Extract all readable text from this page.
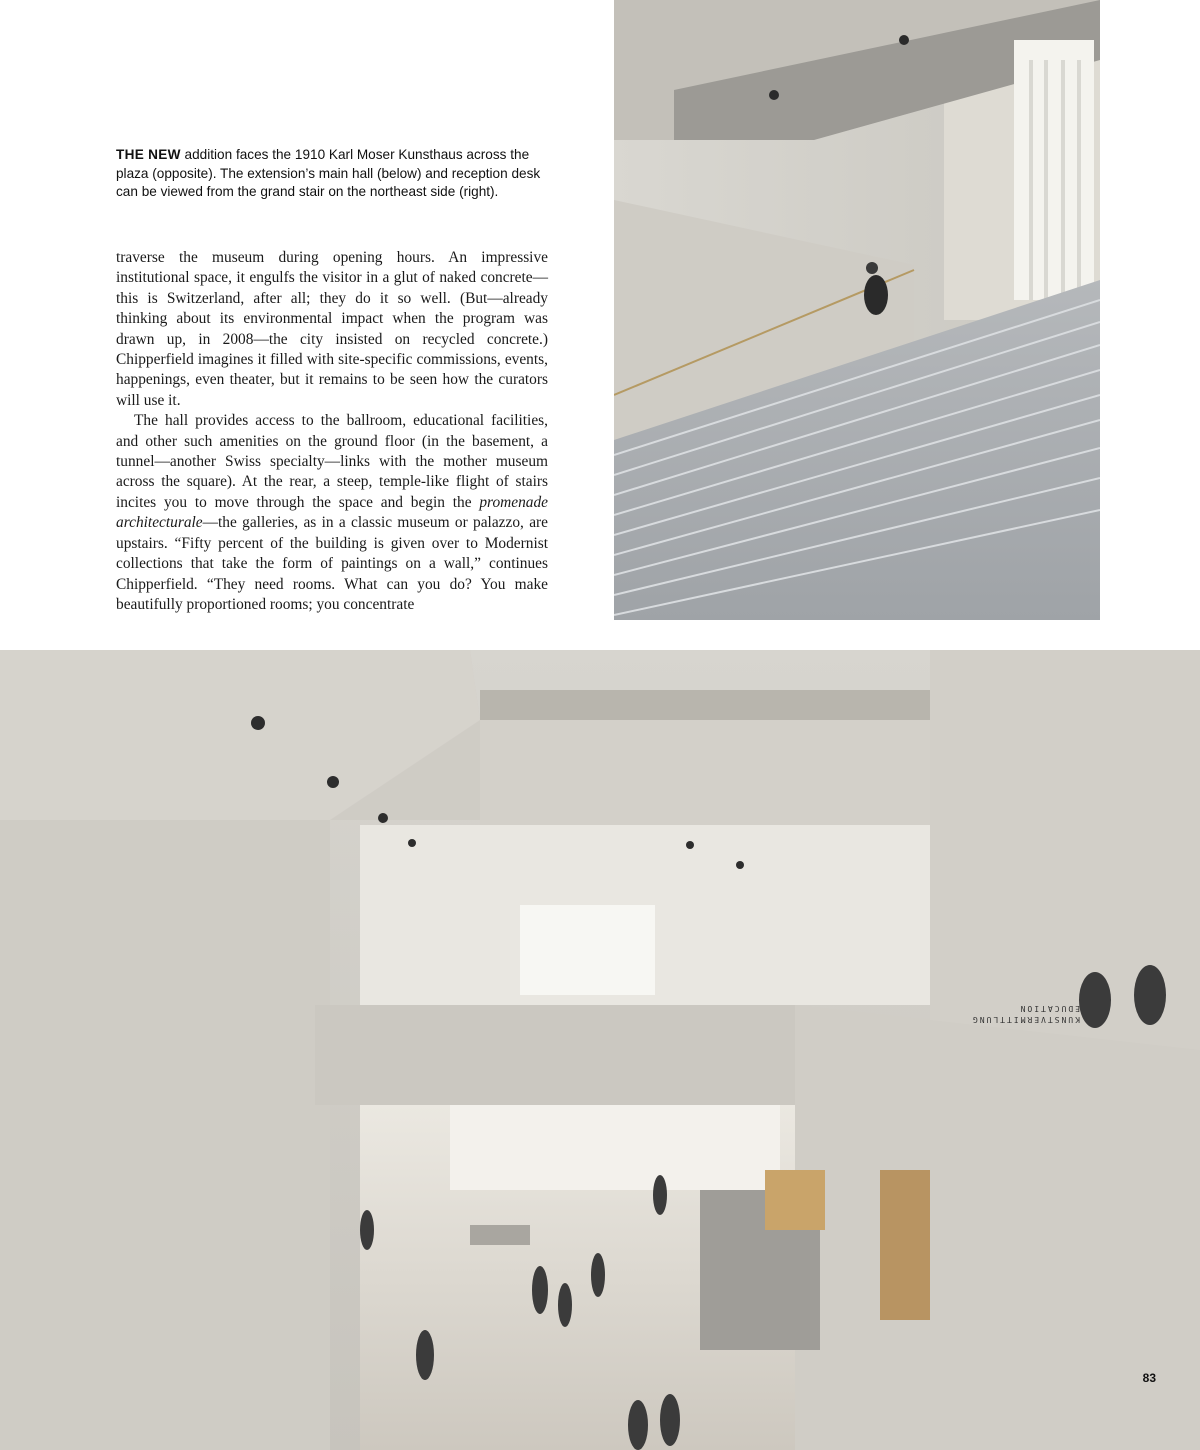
THE NEW addition faces the 1910 Karl Moser Kunsthaus across the plaza (opposite). The extension’s main hall (below) and reception desk can be viewed from the grand stair on the northeast side (right).

traverse the museum during opening hours. An impressive institutional space, it engulfs the visitor in a glut of naked concrete—this is Switzerland, after all; they do it so well. (But—already thinking about its environmental impact when the program was drawn up, in 2008—the city insisted on recycled concrete.) Chipperfield imagines it filled with site-specific commissions, events, happenings, even theater, but it remains to be seen how the curators will use it.

The hall provides access to the ballroom, educational facilities, and other such amenities on the ground floor (in the basement, a tunnel—another Swiss specialty—links with the mother museum across the square). At the rear, a steep, temple-like flight of stairs incites you to move through the space and begin the promenade architecturale—the galleries, as in a classic museum or palazzo, are upstairs. “Fifty percent of the building is given over to Modernist collections that take the form of paintings on a wall,” continues Chipperfield. “They need rooms. What can you do? You make beautifully proportioned rooms; you concentrate

KUNSTVERMITTLUNG
EDUCATION
83
